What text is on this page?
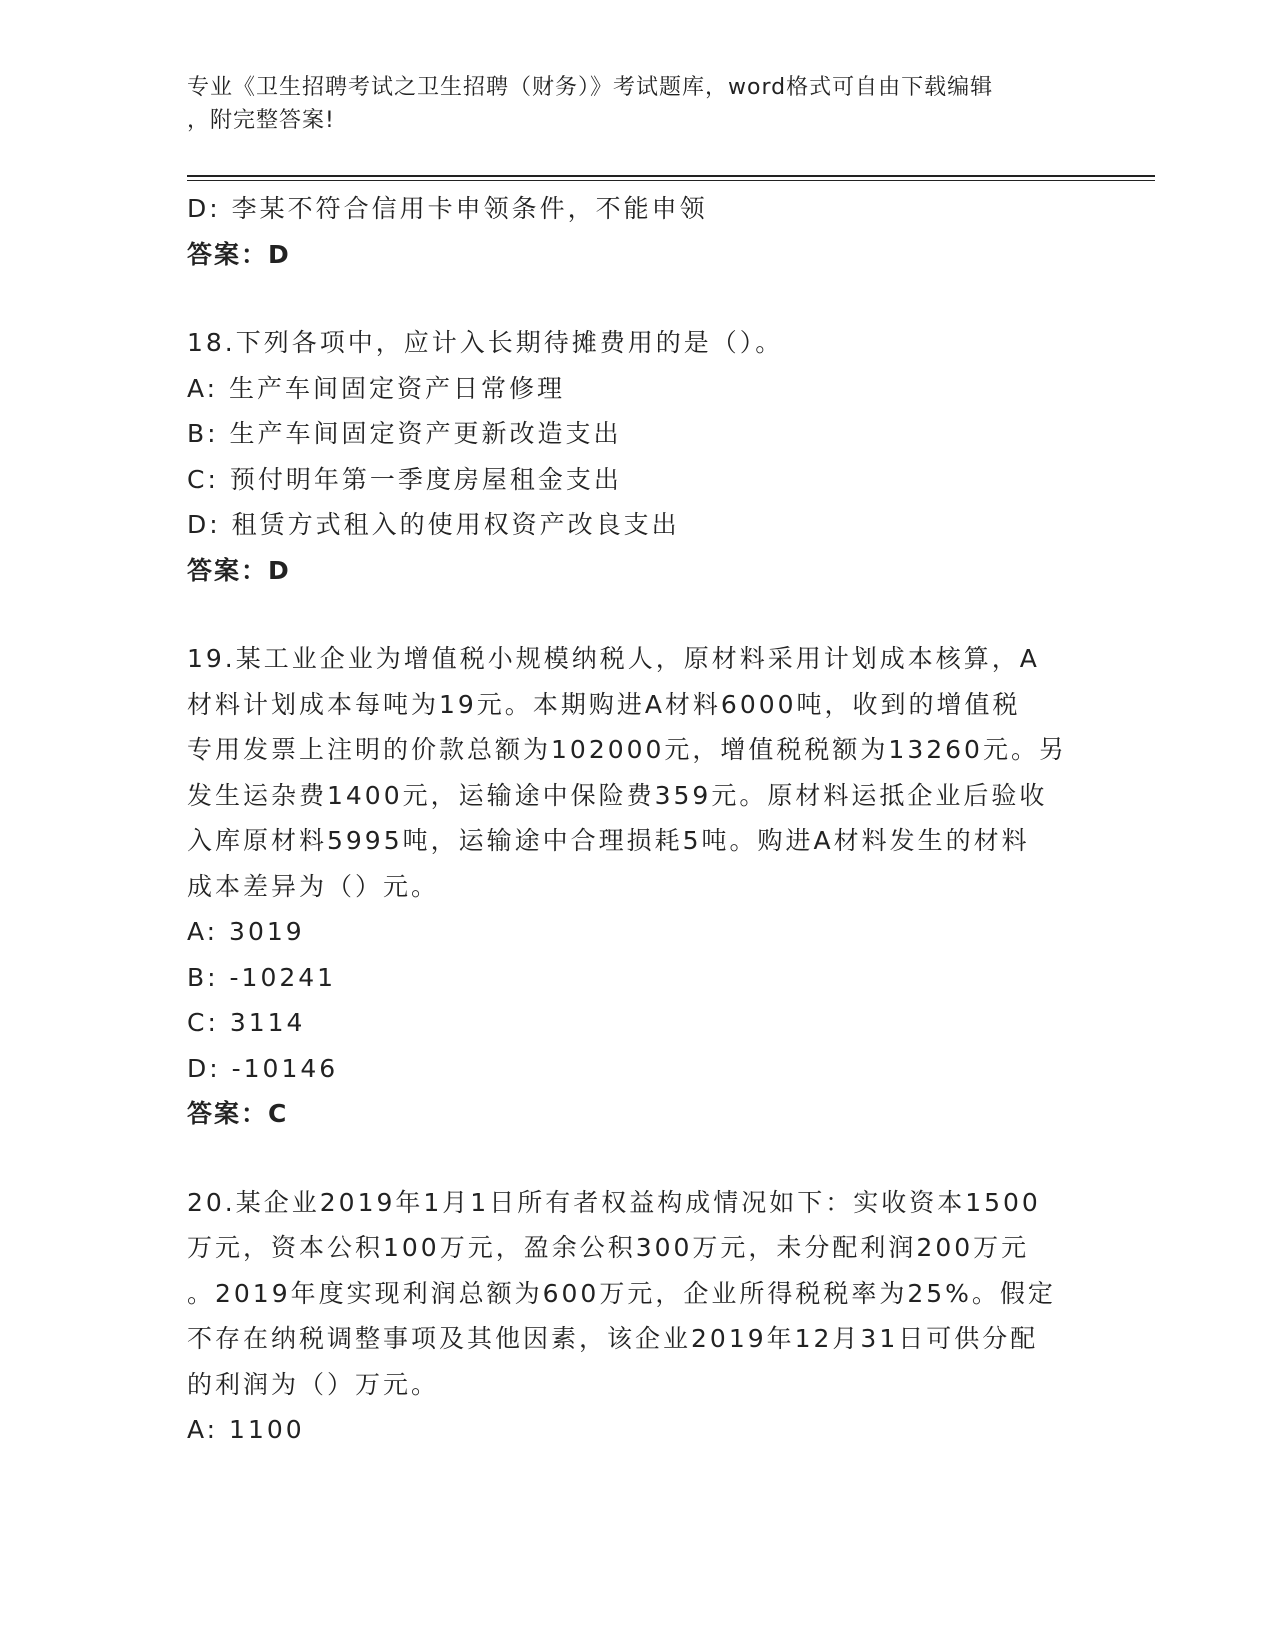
专业《卫生招聘考试之卫生招聘（财务）》考试题库，word格式可自由下载编辑
，附完整答案!
D: 李某不符合信用卡申领条件，不能申领
答案：D
18.下列各项中，应计入长期待摊费用的是（）。
A: 生产车间固定资产日常修理
B: 生产车间固定资产更新改造支出
C: 预付明年第一季度房屋租金支出
D: 租赁方式租入的使用权资产改良支出
答案：D
19.某工业企业为增值税小规模纳税人，原材料采用计划成本核算，A
材料计划成本每吨为19元。本期购进A材料6000吨，收到的增值税
专用发票上注明的价款总额为102000元，增值税税额为13260元。另
发生运杂费1400元，运输途中保险费359元。原材料运抵企业后验收
入库原材料5995吨，运输途中合理损耗5吨。购进A材料发生的材料
成本差异为（）元。
A: 3019
B: -10241
C: 3114
D: -10146
答案：C
20.某企业2019年1月1日所有者权益构成情况如下：实收资本1500
万元，资本公积100万元，盈余公积300万元，未分配利润200万元
。2019年度实现利润总额为600万元，企业所得税税率为25%。假定
不存在纳税调整事项及其他因素，该企业2019年12月31日可供分配
的利润为（）万元。
A: 1100
